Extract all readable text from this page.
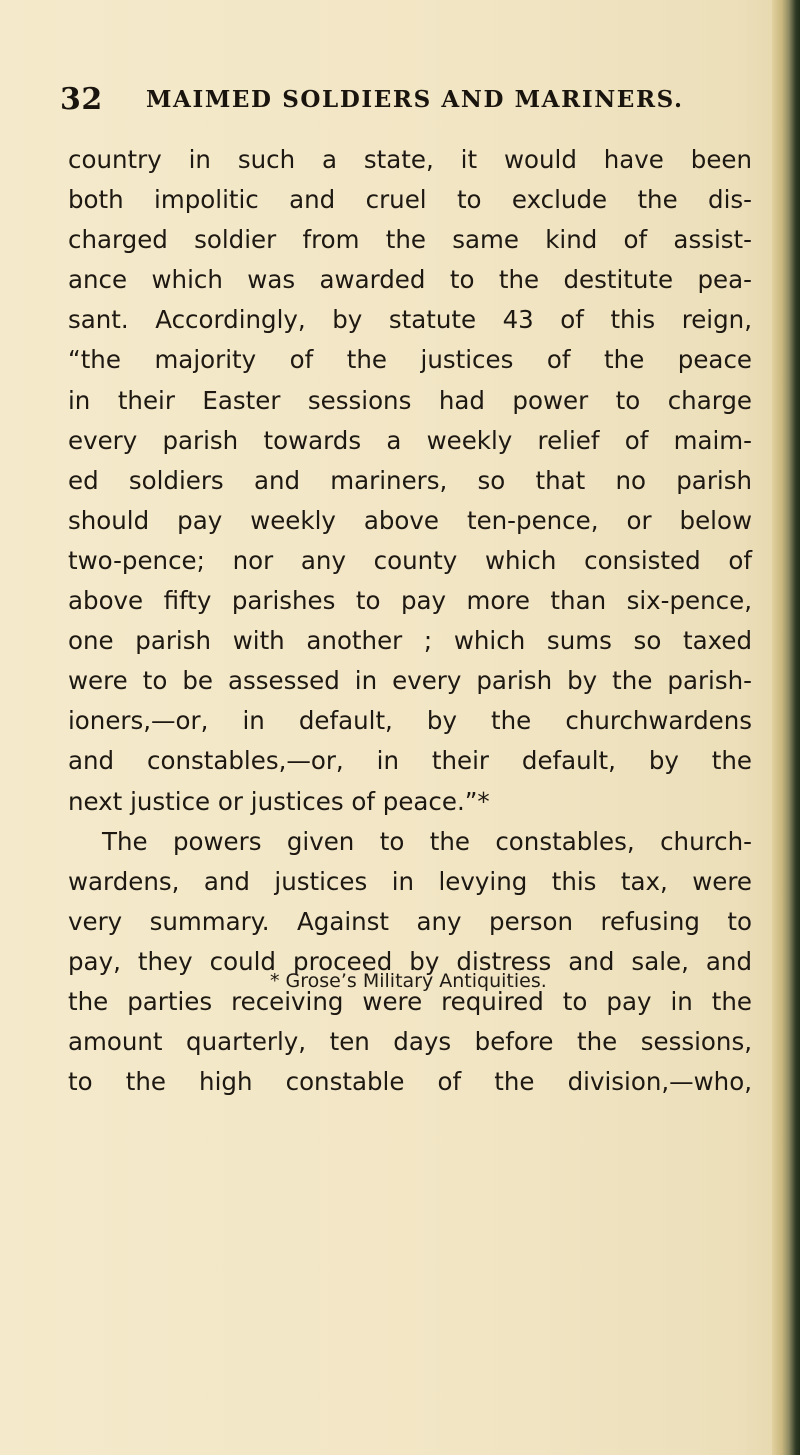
32 MAIMED SOLDIERS AND MARINERS.
country in such a state, it would have been
both impolitic and cruel to exclude the dis-
charged soldier from the same kind of assist-
ance which was awarded to the destitute pea-
sant. Accordingly, by statute 43 of this reign,
“the majority of the justices of the peace
in their Easter sessions had power to charge
every parish towards a weekly relief of maim-
ed soldiers and mariners, so that no parish
should pay weekly above ten-pence, or below
two-pence; nor any county which consisted of
above fifty parishes to pay more than six-pence,
one parish with another ; which sums so taxed
were to be assessed in every parish by the parish-
ioners,—or, in default, by the churchwardens
and constables,—or, in their default, by the
next justice or justices of peace.”*
The powers given to the constables, church-
wardens, and justices in levying this tax, were
very summary. Against any person refusing to
pay, they could proceed by distress and sale, and
the parties receiving were required to pay in the
amount quarterly, ten days before the sessions,
to the high constable of the division,—who,
* Grose’s Military Antiquities.
